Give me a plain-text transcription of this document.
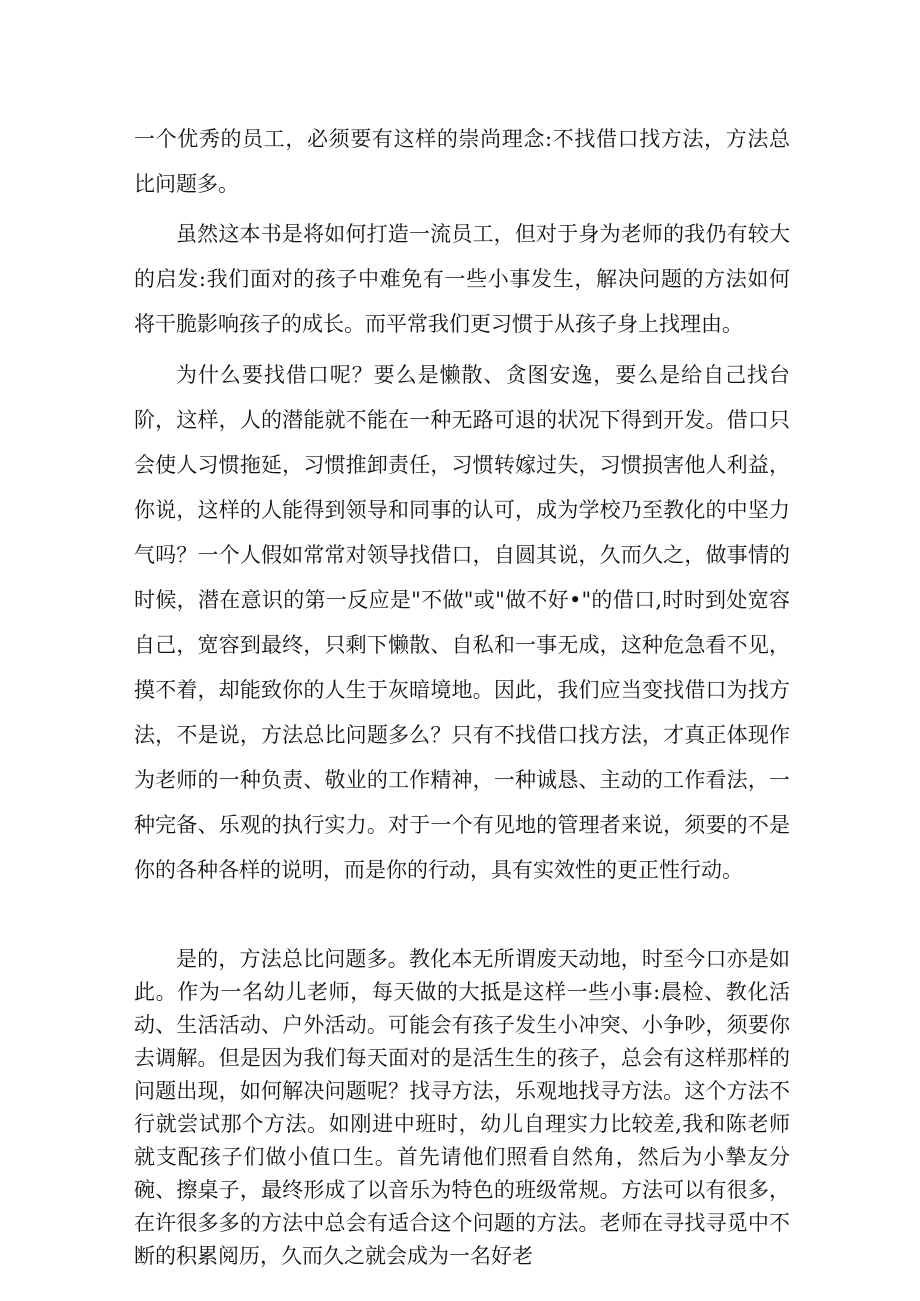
一个优秀的员工，必须要有这样的崇尚理念:不找借口找方法，方法总比问题多。

虽然这本书是将如何打造一流员工，但对于身为老师的我仍有较大的启发:我们面对的孩子中难免有一些小事发生，解决问题的方法如何将干脆影响孩子的成长。而平常我们更习惯于从孩子身上找理由。

为什么要找借口呢？要么是懒散、贪图安逸，要么是给自己找台阶，这样，人的潜能就不能在一种无路可退的状况下得到开发。借口只会使人习惯拖延，习惯推卸责任，习惯转嫁过失，习惯损害他人利益，你说，这样的人能得到领导和同事的认可，成为学校乃至教化的中坚力气吗？一个人假如常常对领导找借口，自圆其说，久而久之，做事情的时候，潜在意识的第一反应是"不做"或"做不好•"的借口,时时到处宽容自己，宽容到最终，只剩下懒散、自私和一事无成，这种危急看不见，摸不着，却能致你的人生于灰暗境地。因此，我们应当变找借口为找方法，不是说，方法总比问题多么？只有不找借口找方法，才真正体现作为老师的一种负责、敬业的工作精神，一种诚恳、主动的工作看法，一种完备、乐观的执行实力。对于一个有见地的管理者来说，须要的不是你的各种各样的说明，而是你的行动，具有实效性的更正性行动。

是的，方法总比问题多。教化本无所谓废天动地，时至今口亦是如此。作为一名幼儿老师，每天做的大抵是这样一些小事:晨检、教化活动、生活活动、户外活动。可能会有孩子发生小冲突、小争吵，须要你去调解。但是因为我们每天面对的是活生生的孩子，总会有这样那样的问题出现，如何解决问题呢？找寻方法，乐观地找寻方法。这个方法不行就尝试那个方法。如刚进中班时，幼儿自理实力比较差,我和陈老师就支配孩子们做小值口生。首先请他们照看自然角，然后为小摯友分碗、擦桌子，最终形成了以音乐为特色的班级常规。方法可以有很多，在许很多多的方法中总会有适合这个问题的方法。老师在寻找寻觅中不断的积累阅历，久而久之就会成为一名好老
